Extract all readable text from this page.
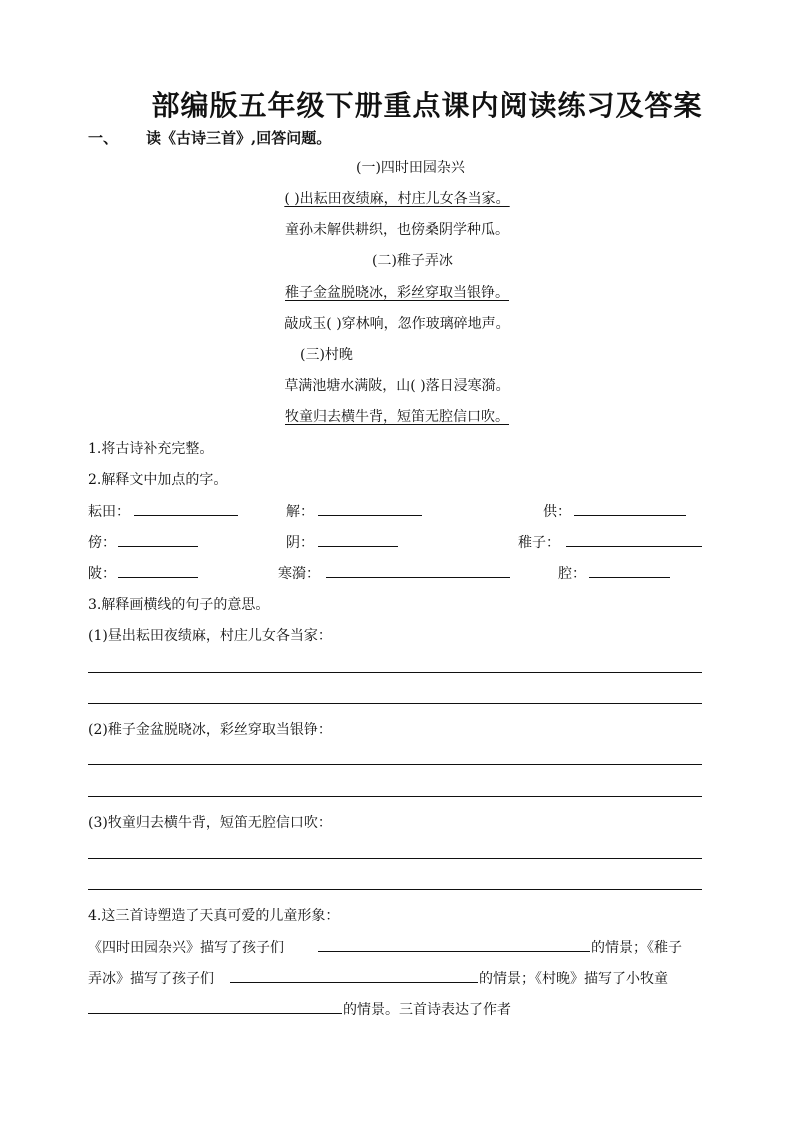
部编版五年级下册重点课内阅读练习及答案
一、 读《古诗三首》,回答问题。
(一)四时田园杂兴
( )出耘田夜绩麻，村庄儿女各当家。
童孙未解供耕织，也傍桑阴学种瓜。
(二)稚子弄冰
稚子金盆脱晓冰，彩丝穿取当银铮。
敲成玉( )穿林响，忽作玻璃碎地声。
(三)村晚
草满池塘水满陂，山( )落日浸寒漪。
牧童归去横牛背，短笛无腔信口吹。
1.将古诗补充完整。
2.解释文中加点的字。
耘田：	解：	供：
傍：	阴：	稚子：
陂：	寒漪：	腔：
3.解释画横线的句子的意思。
(1)昼出耘田夜绩麻，村庄儿女各当家：
(2)稚子金盆脱晓冰，彩丝穿取当银铮：
(3)牧童归去横牛背，短笛无腔信口吹：
4.这三首诗塑造了天真可爱的儿童形象：
《四时田园杂兴》描写了孩子们	的情景；《稚子
弄冰》描写了孩子们	的情景；《村晚》描写了小牧童
的情景。三首诗表达了作者
